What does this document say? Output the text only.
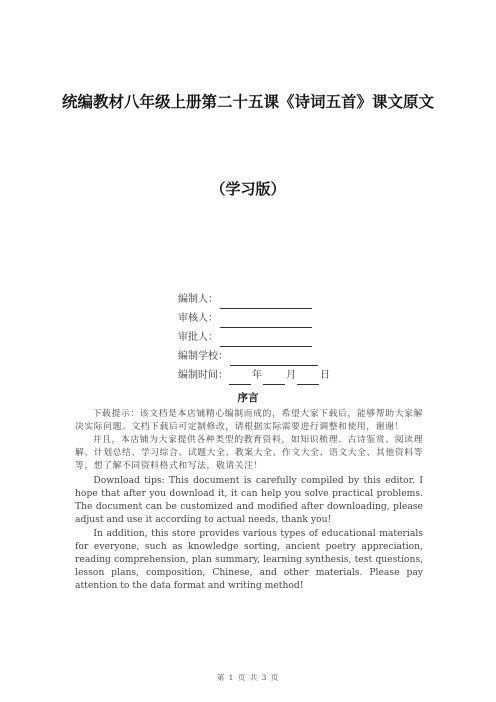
统编教材八年级上册第二十五课《诗词五首》课文原文
（学习版）
编制人：
审核人：
审批人：
编制学校：
编制时间： 年 月 日
序言

下载提示：该文档是本店铺精心编制而成的，希望大家下载后，能够帮助大家解决实际问题。文档下载后可定制修改，请根据实际需要进行调整和使用，谢谢！

并且，本店铺为大家提供各种类型的教育资料，如知识梳理、古诗鉴赏、阅读理解、计划总结、学习综合、试题大全、教案大全、作文大全、语文大全、其他资料等等，想了解不同资料格式和写法，敬请关注！

Download tips: This document is carefully compiled by this editor. I hope that after you download it, it can help you solve practical problems. The document can be customized and modified after downloading, please adjust and use it according to actual needs, thank you!

In addition, this store provides various types of educational materials for everyone, such as knowledge sorting, ancient poetry appreciation, reading comprehension, plan summary, learning synthesis, test questions, lesson plans, composition, Chinese, and other materials. Please pay attention to the data format and writing method!

第 1 页 共 3 页
